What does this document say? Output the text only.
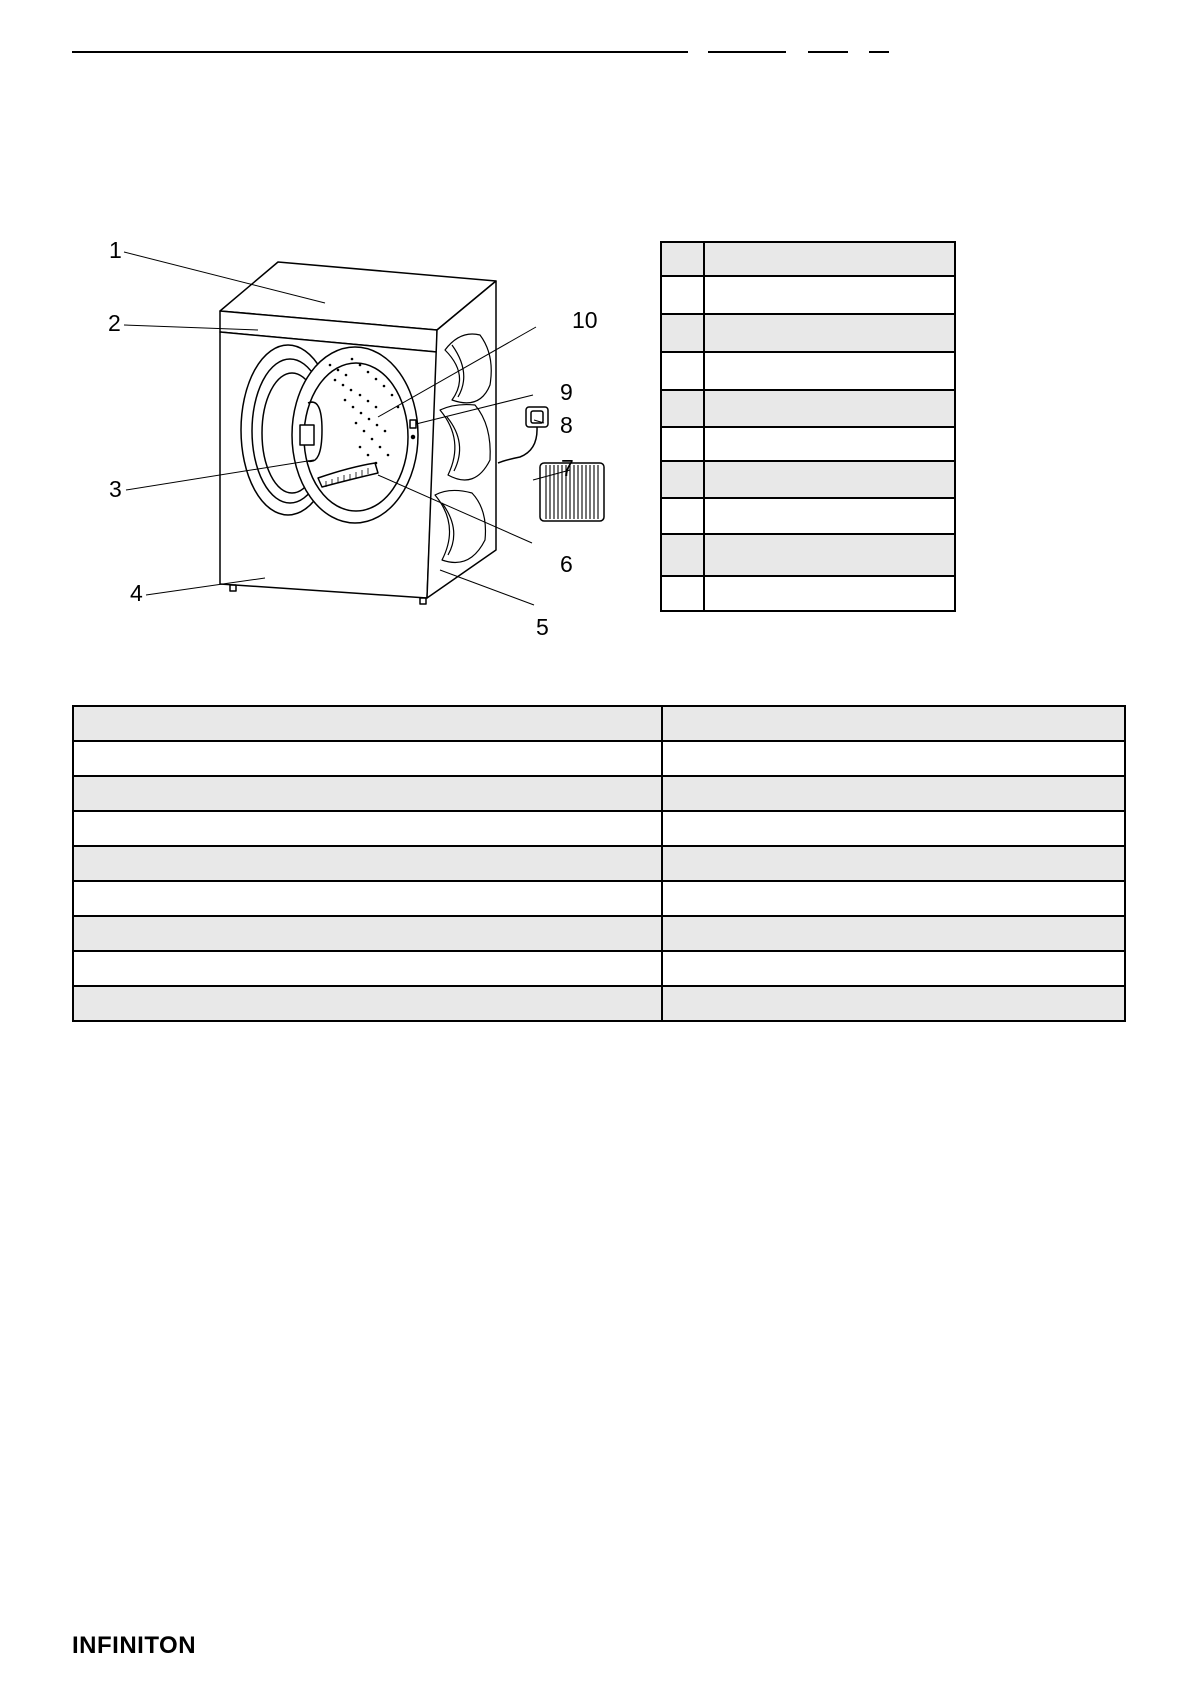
1
2
3
4
5
6
7
8
9
10

INFINITON
